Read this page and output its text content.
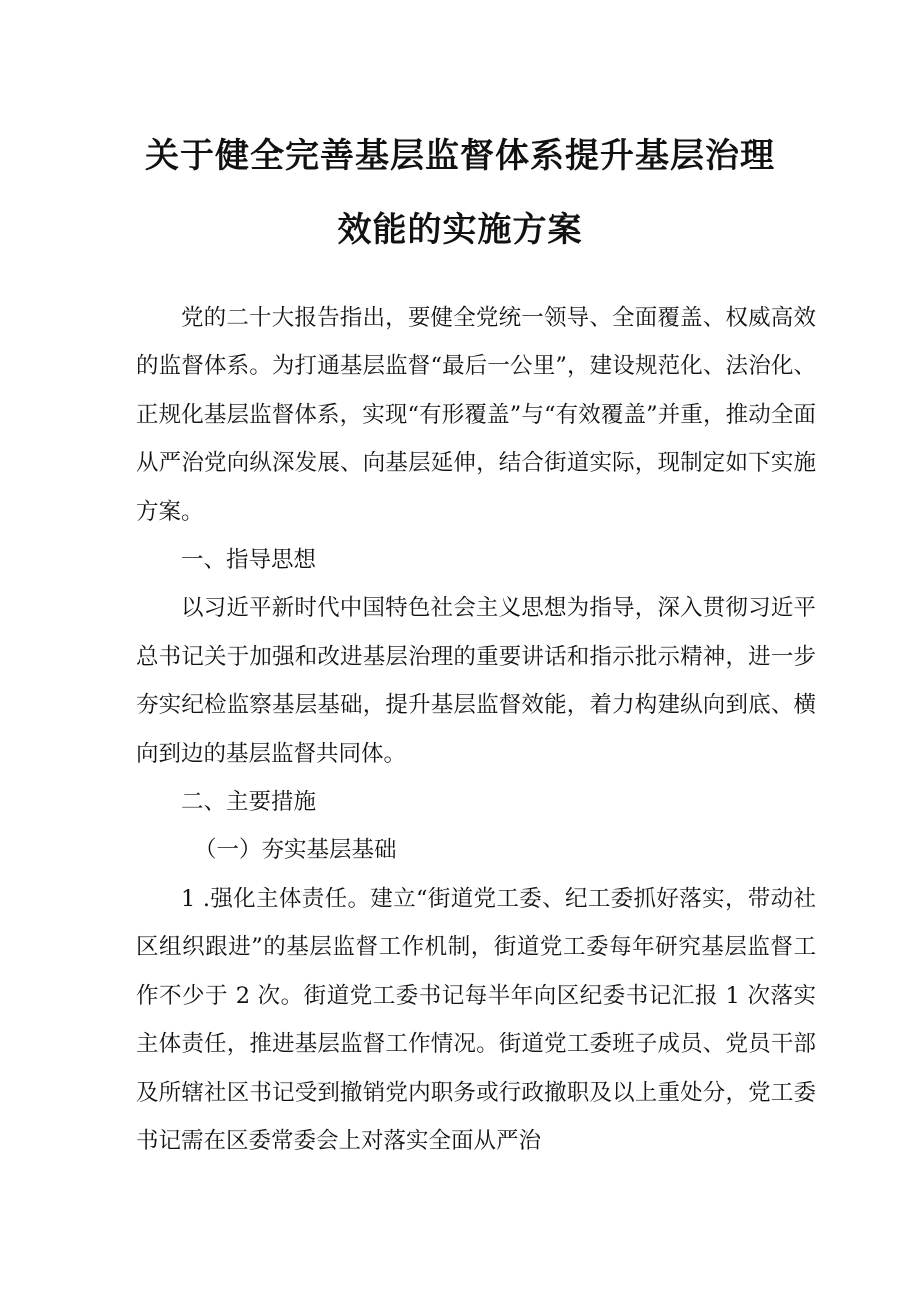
关于健全完善基层监督体系提升基层治理
效能的实施方案

党的二十大报告指出，要健全党统一领导、全面覆盖、权威高效的监督体系。为打通基层监督“最后一公里”，建设规范化、法治化、正规化基层监督体系，实现“有形覆盖”与“有效覆盖”并重，推动全面从严治党向纵深发展、向基层延伸，结合街道实际，现制定如下实施方案。

一、指导思想

以习近平新时代中国特色社会主义思想为指导，深入贯彻习近平总书记关于加强和改进基层治理的重要讲话和指示批示精神，进一步夯实纪检监察基层基础，提升基层监督效能，着力构建纵向到底、横向到边的基层监督共同体。

二、主要措施

（一）夯实基层基础

1 .强化主体责任。建立“街道党工委、纪工委抓好落实，带动社区组织跟进”的基层监督工作机制，街道党工委每年研究基层监督工作不少于 2 次。街道党工委书记每半年向区纪委书记汇报 1 次落实主体责任，推进基层监督工作情况。街道党工委班子成员、党员干部及所辖社区书记受到撤销党内职务或行政撤职及以上重处分，党工委书记需在区委常委会上对落实全面从严治
